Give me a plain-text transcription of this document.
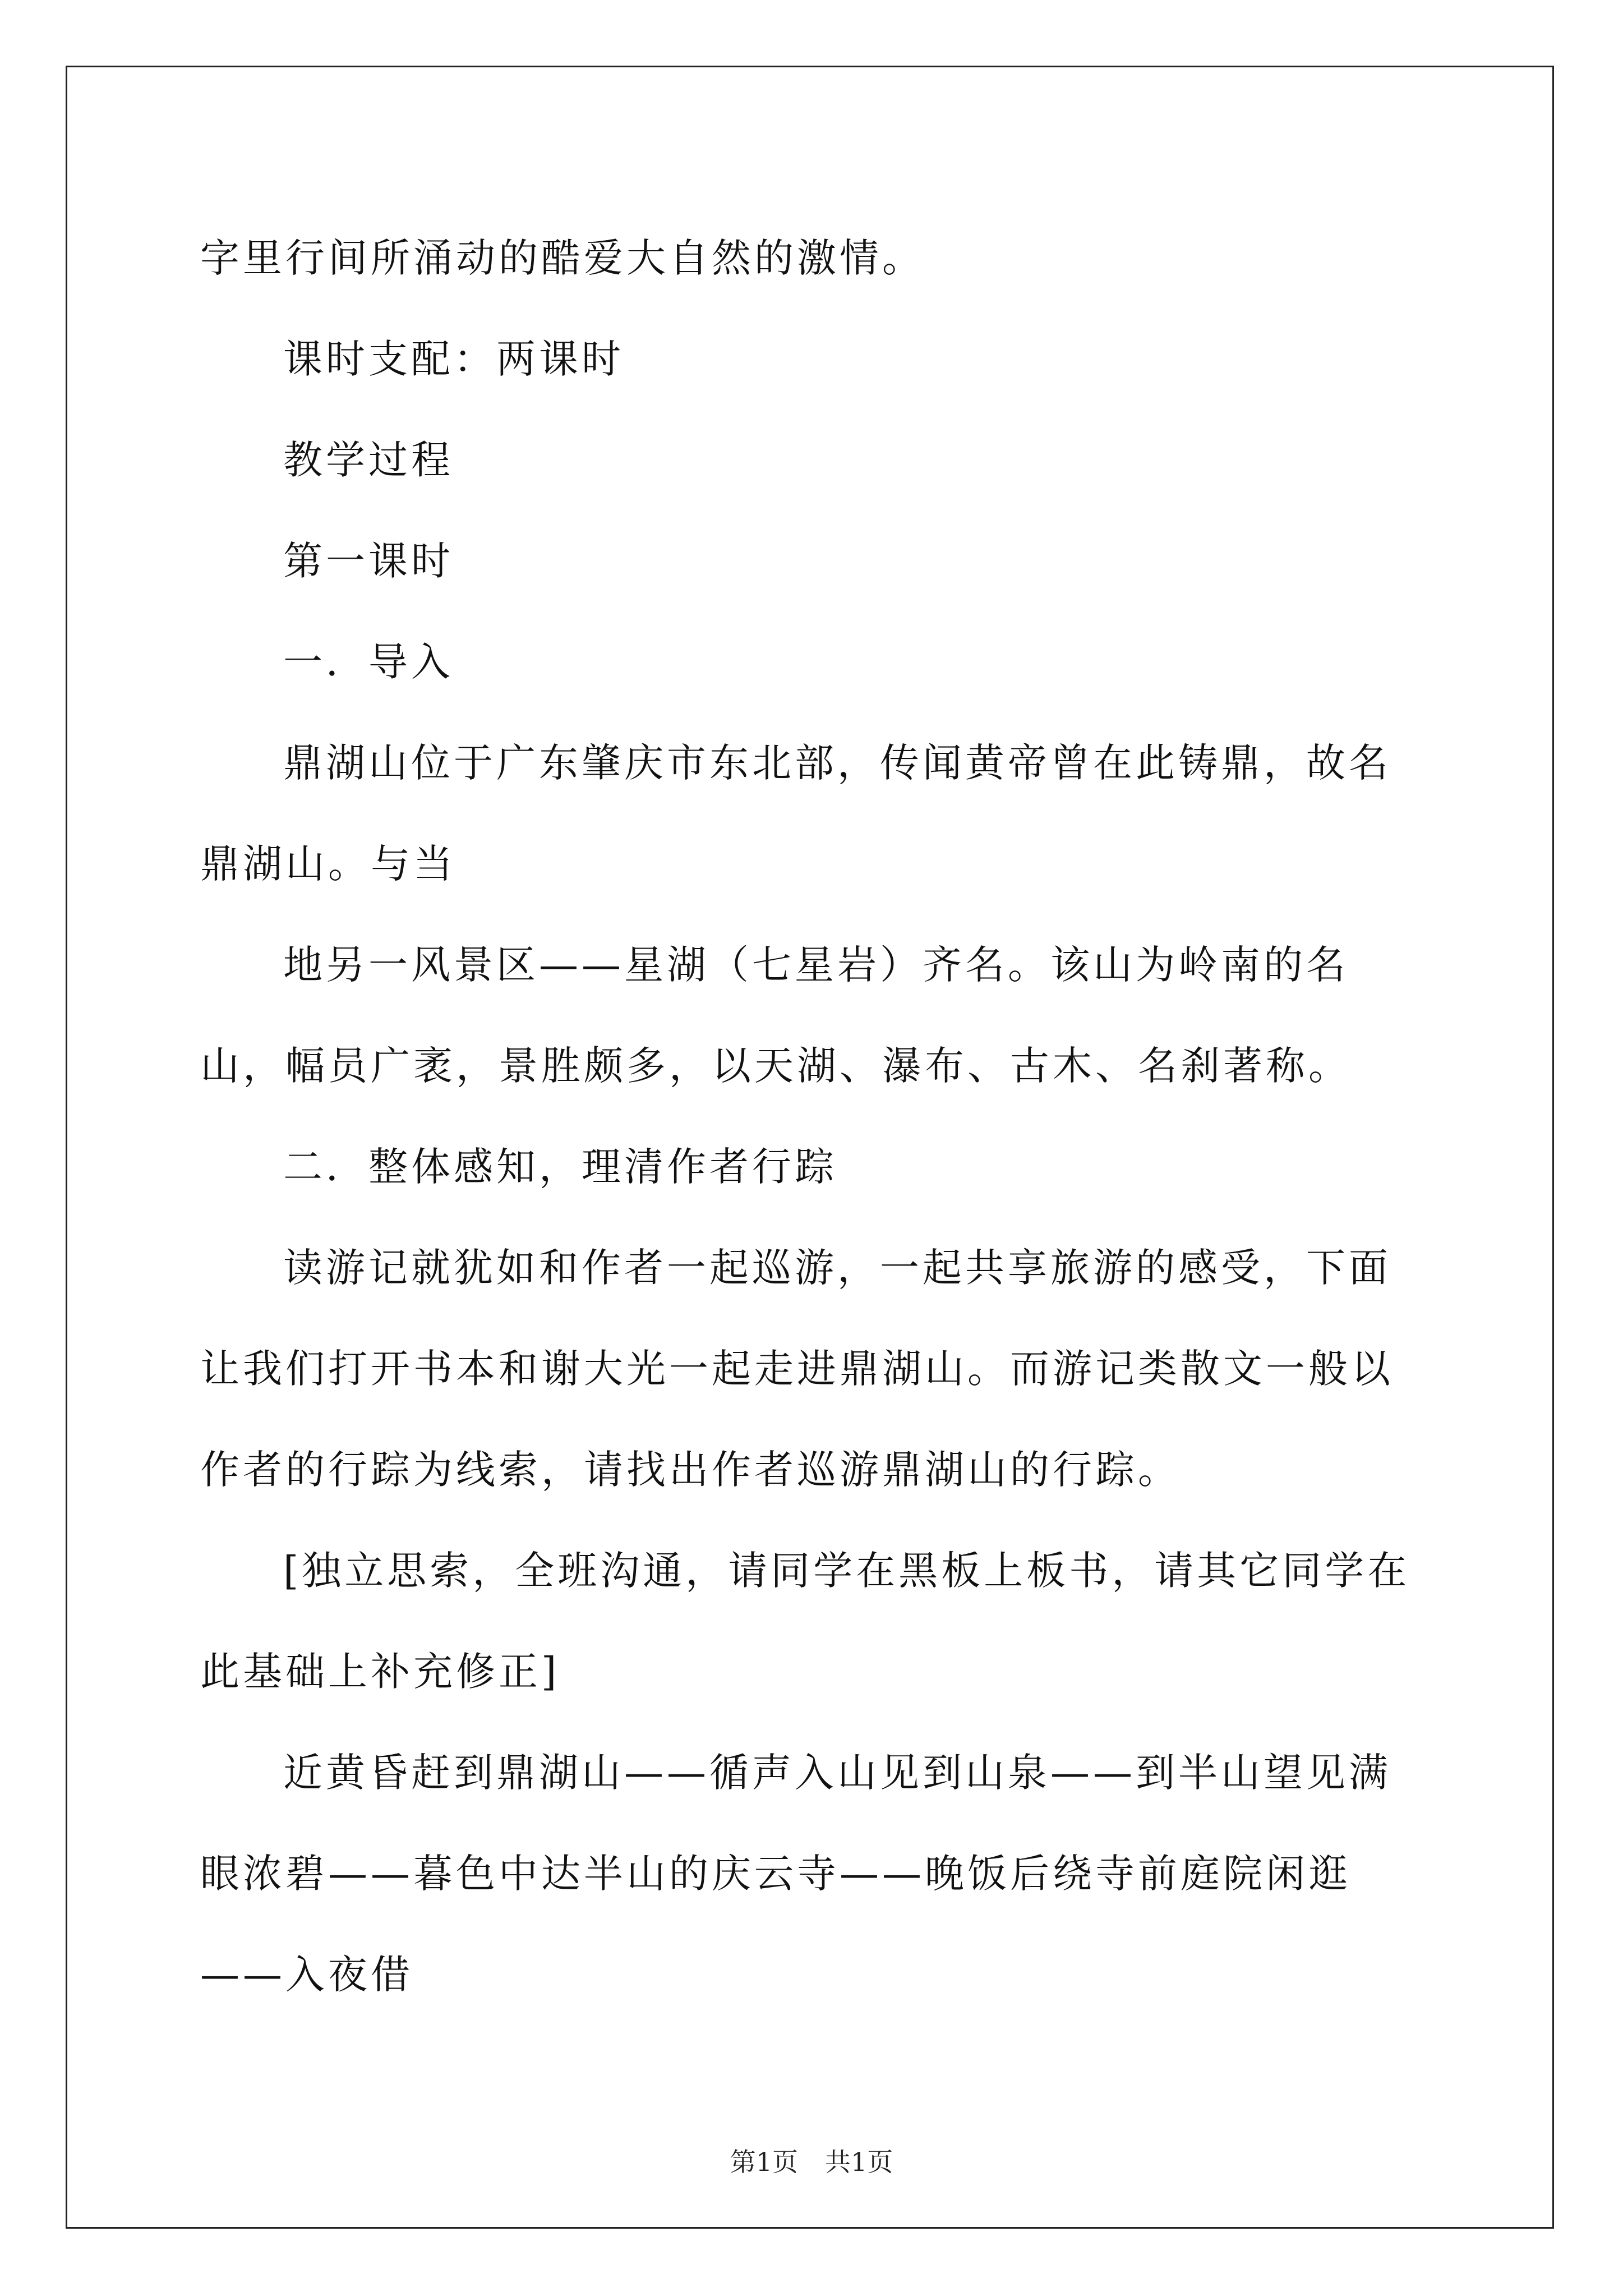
字里行间所涌动的酷爱大自然的激情。

课时支配：两课时

教学过程

第一课时

一．导入

鼎湖山位于广东肇庆市东北部，传闻黄帝曾在此铸鼎，故名鼎湖山。与当

地另一风景区——星湖（七星岩）齐名。该山为岭南的名山，幅员广袤，景胜颇多，以天湖、瀑布、古木、名刹著称。

二．整体感知，理清作者行踪

读游记就犹如和作者一起巡游，一起共享旅游的感受，下面让我们打开书本和谢大光一起走进鼎湖山。而游记类散文一般以作者的行踪为线索，请找出作者巡游鼎湖山的行踪。

[独立思索，全班沟通，请同学在黑板上板书，请其它同学在此基础上补充修正]

近黄昏赶到鼎湖山——循声入山见到山泉——到半山望见满眼浓碧——暮色中达半山的庆云寺——晚饭后绕寺前庭院闲逛——入夜借

第1页 共1页
